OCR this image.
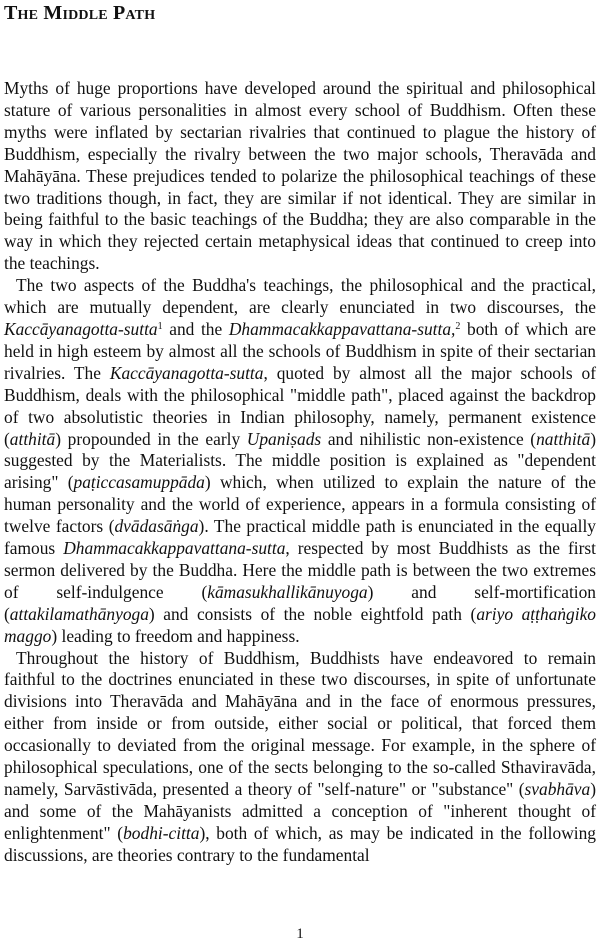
The Middle Path

Myths of huge proportions have developed around the spiritual and philosophical stature of various personalities in almost every school of Buddhism. Often these myths were inflated by sectarian rivalries that continued to plague the history of Buddhism, especially the rivalry between the two major schools, Theravāda and Mahāyāna. These prejudices tended to polarize the philosophical teachings of these two traditions though, in fact, they are similar if not identical. They are similar in being faithful to the basic teachings of the Buddha; they are also comparable in the way in which they rejected certain metaphysical ideas that continued to creep into the teachings.

The two aspects of the Buddha's teachings, the philosophical and the practical, which are mutually dependent, are clearly enunciated in two discourses, the Kaccāyanagotta-sutta$^1$ and the Dhammacakkappavattana-sutta,$^2$ both of which are held in high esteem by almost all the schools of Buddhism in spite of their sectarian rivalries. The Kaccāyanagotta-sutta, quoted by almost all the major schools of Buddhism, deals with the philosophical "middle path", placed against the backdrop of two absolutistic theories in Indian philosophy, namely, permanent existence (atthitā) propounded in the early Upaniṣads and nihilistic non-existence (natthitā) suggested by the Materialists. The middle position is explained as "dependent arising" (paṭiccasamuppāda) which, when utilized to explain the nature of the human personality and the world of experience, appears in a formula consisting of twelve factors (dvādasāṅga). The practical middle path is enunciated in the equally famous Dhammacakkappavattana-sutta, respected by most Buddhists as the first sermon delivered by the Buddha. Here the middle path is between the two extremes of self-indulgence (kāmasukhallikānuyoga) and self-mortification (attakilamathānyoga) and consists of the noble eightfold path (ariyo aṭṭhaṅgiko maggo) leading to freedom and happiness.

Throughout the history of Buddhism, Buddhists have endeavored to remain faithful to the doctrines enunciated in these two discourses, in spite of unfortunate divisions into Theravāda and Mahāyāna and in the face of enormous pressures, either from inside or from outside, either social or political, that forced them occasionally to deviated from the original message. For example, in the sphere of philosophical speculations, one of the sects belonging to the so-called Sthaviravāda, namely, Sarvāstivāda, presented a theory of "self-nature" or "substance" (svabhāva) and some of the Mahāyanists admitted a conception of "inherent thought of enlightenment" (bodhi-citta), both of which, as may be indicated in the following discussions, are theories contrary to the fundamental

1
